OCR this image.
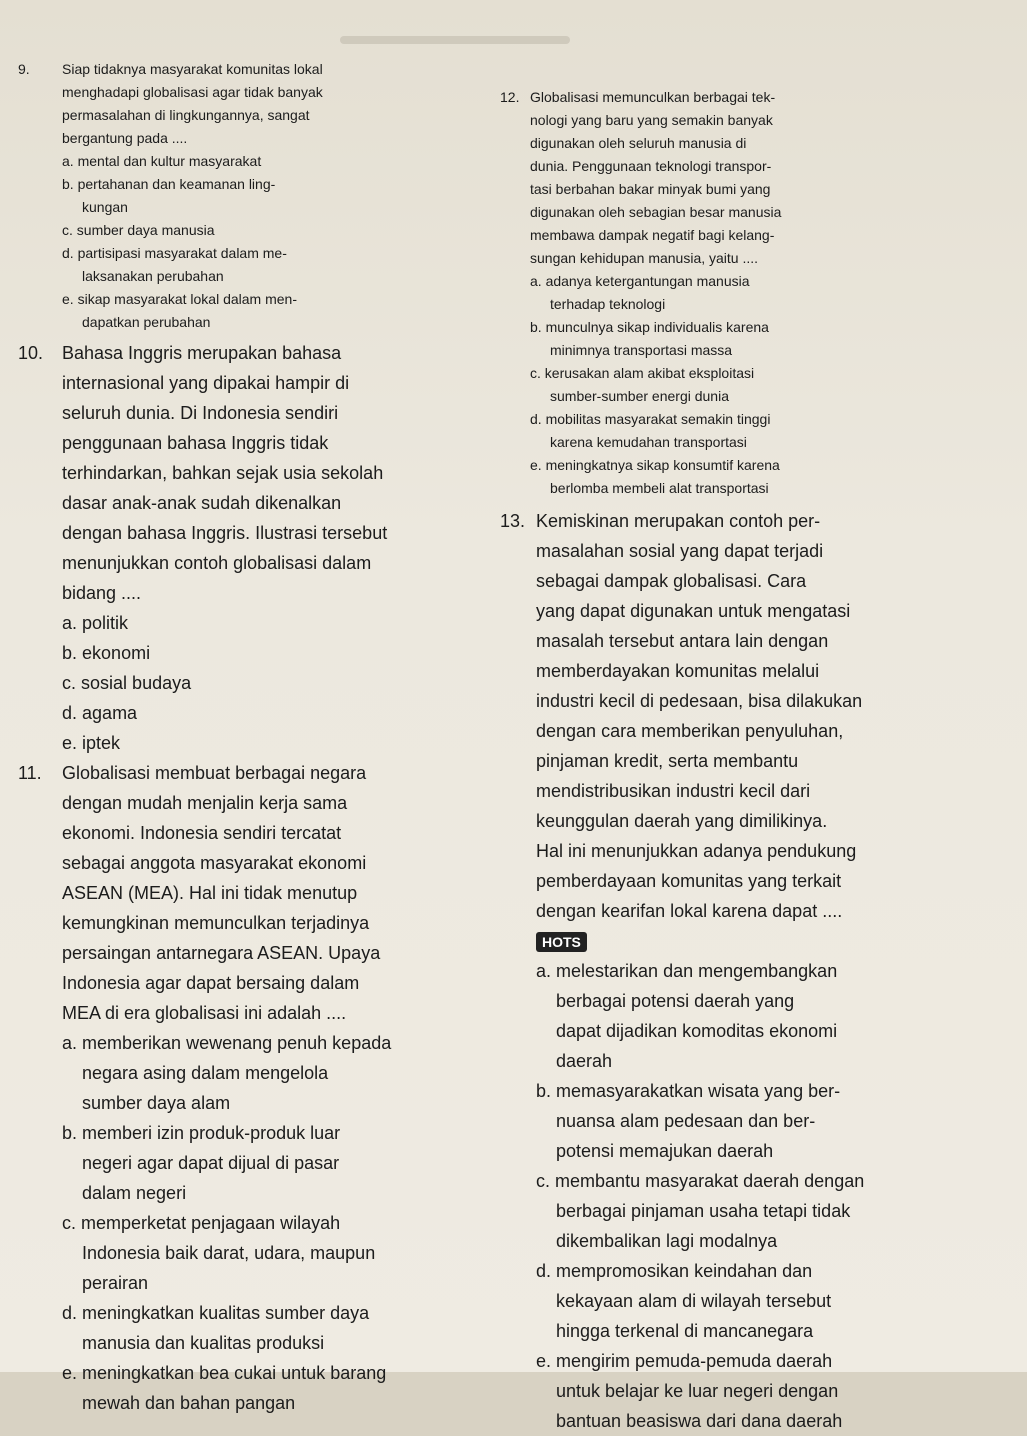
9.	Siap tidaknya masyarakat komunitas lokal
menghadapi globalisasi agar tidak banyak
permasalahan di lingkungannya, sangat
bergantung pada ....
a. mental dan kultur masyarakat
b. pertahanan dan keamanan ling-
kungan
c. sumber daya manusia
d. partisipasi masyarakat dalam me-
laksanakan perubahan
e. sikap masyarakat lokal dalam men-
dapatkan perubahan
10.	Bahasa Inggris merupakan bahasa
internasional yang dipakai hampir di
seluruh dunia. Di Indonesia sendiri
penggunaan bahasa Inggris tidak
terhindarkan, bahkan sejak usia sekolah
dasar anak-anak sudah dikenalkan
dengan bahasa Inggris. Ilustrasi tersebut
menunjukkan contoh globalisasi dalam
bidang ....
a. politik
b. ekonomi
c. sosial budaya
d. agama
e. iptek
11.	Globalisasi membuat berbagai negara
dengan mudah menjalin kerja sama
ekonomi. Indonesia sendiri tercatat
sebagai anggota masyarakat ekonomi
ASEAN (MEA). Hal ini tidak menutup
kemungkinan memunculkan terjadinya
persaingan antarnegara ASEAN. Upaya
Indonesia agar dapat bersaing dalam
MEA di era globalisasi ini adalah ....
a. memberikan wewenang penuh kepada
negara asing dalam mengelola
sumber daya alam
b. memberi izin produk-produk luar
negeri agar dapat dijual di pasar
dalam negeri
c. memperketat penjagaan wilayah
Indonesia baik darat, udara, maupun
perairan
d. meningkatkan kualitas sumber daya
manusia dan kualitas produksi
e. meningkatkan bea cukai untuk barang
mewah dan bahan pangan
12. Globalisasi memunculkan berbagai tek-
nologi yang baru yang semakin banyak
digunakan oleh seluruh manusia di
dunia. Penggunaan teknologi transpor-
tasi berbahan bakar minyak bumi yang
digunakan oleh sebagian besar manusia
membawa dampak negatif bagi kelang-
sungan kehidupan manusia, yaitu ....
a. adanya ketergantungan manusia
terhadap teknologi
b. munculnya sikap individualis karena
minimnya transportasi massa
c. kerusakan alam akibat eksploitasi
sumber-sumber energi dunia
d. mobilitas masyarakat semakin tinggi
karena kemudahan transportasi
e. meningkatnya sikap konsumtif karena
berlomba membeli alat transportasi
13. Kemiskinan merupakan contoh per-
masalahan sosial yang dapat terjadi
sebagai dampak globalisasi. Cara
yang dapat digunakan untuk mengatasi
masalah tersebut antara lain dengan
memberdayakan komunitas melalui
industri kecil di pedesaan, bisa dilakukan
dengan cara memberikan penyuluhan,
pinjaman kredit, serta membantu
mendistribusikan industri kecil dari
keunggulan daerah yang dimilikinya.
Hal ini menunjukkan adanya pendukung
pemberdayaan komunitas yang terkait
dengan kearifan lokal karena dapat ....
HOTS
a. melestarikan dan mengembangkan
berbagai potensi daerah yang
dapat dijadikan komoditas ekonomi
daerah
b. memasyarakatkan wisata yang ber-
nuansa alam pedesaan dan ber-
potensi memajukan daerah
c. membantu masyarakat daerah dengan
berbagai pinjaman usaha tetapi tidak
dikembalikan lagi modalnya
d. mempromosikan keindahan dan
kekayaan alam di wilayah tersebut
hingga terkenal di mancanegara
e. mengirim pemuda-pemuda daerah
untuk belajar ke luar negeri dengan
bantuan beasiswa dari dana daerah
